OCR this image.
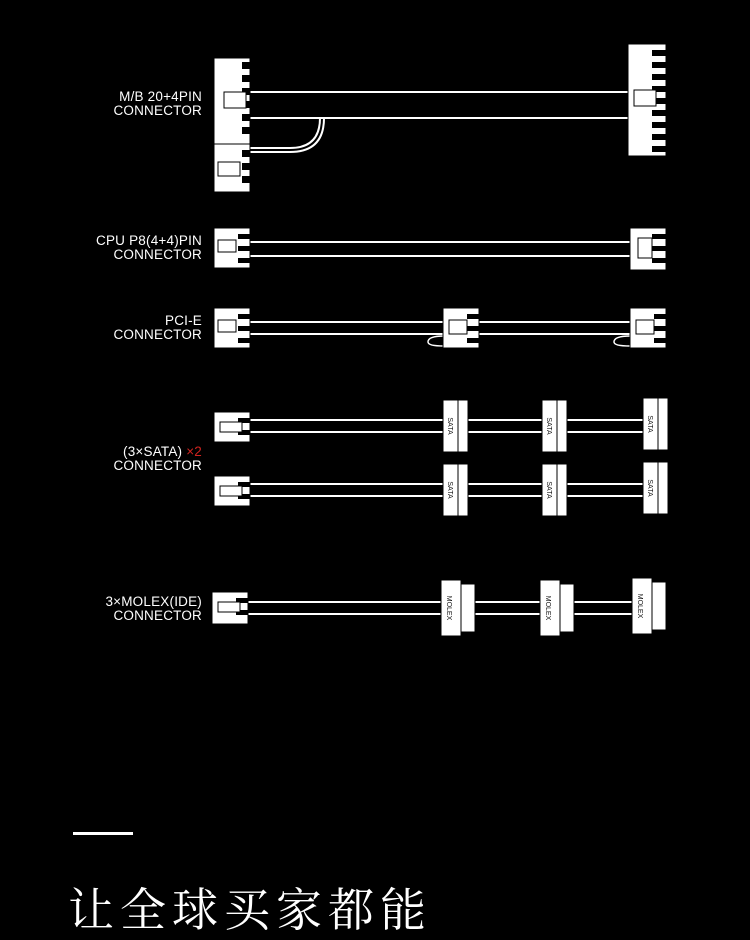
M/B 20+4PIN
CONNECTOR
CPU P8(4+4)PIN
CONNECTOR
PCI-E
CONNECTOR
(3×SATA) ×2
CONNECTOR
3×MOLEX(IDE)
CONNECTOR
SATA	SATA	SATA
SATA	SATA	SATA
MOLEX	MOLEX	MOLEX
让全球买家都能
